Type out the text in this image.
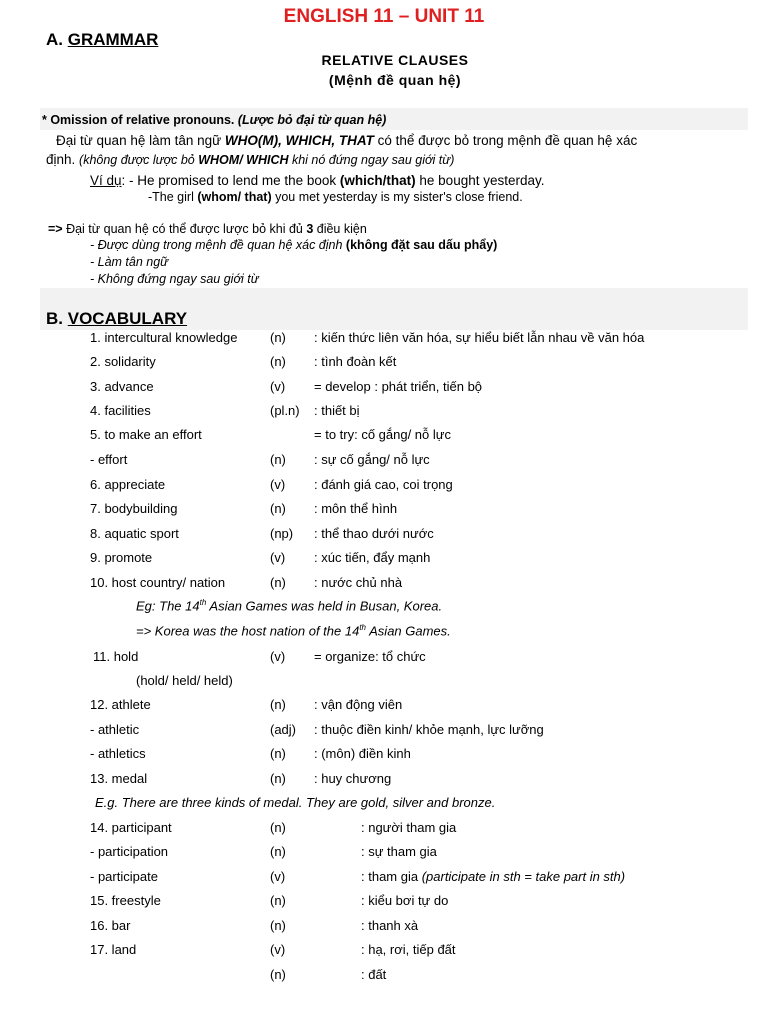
ENGLISH 11 – UNIT 11
A. GRAMMAR
RELATIVE CLAUSES
(Mệnh đề quan hệ)
* Omission of relative pronouns. (Lược bỏ đại từ quan hệ)
Đại từ quan hệ làm tân ngữ WHO(M), WHICH, THAT có thể được bỏ trong mệnh đề quan hệ xác
định. (không được lược bỏ WHOM/ WHICH khi nó đứng ngay sau giới từ)
Ví dụ: - He promised to lend me the book (which/that) he bought yesterday.
-The girl (whom/ that) you met yesterday is my sister's close friend.
=> Đại từ quan hệ có thể được lược bỏ khi đủ 3 điều kiện
- Được dùng trong mệnh đề quan hệ xác định (không đặt sau dấu phẩy)
- Làm tân ngữ
- Không đứng ngay sau giới từ
B. VOCABULARY
1. intercultural knowledge	(n) : kiến thức liên văn hóa, sự hiểu biết lẫn nhau về văn hóa
2. solidarity	(n) : tình đoàn kết
3. advance	(v) = develop : phát triển, tiến bộ
4. facilities	(pl.n) : thiết bị
5. to make an effort	= to try: cố gắng/ nỗ lực
- effort	(n) : sự cố gắng/ nỗ lực
6. appreciate	(v) : đánh giá cao, coi trọng
7. bodybuilding	(n) : môn thể hình
8. aquatic sport	(np) : thể thao dưới nước
9. promote	(v) : xúc tiến, đẩy mạnh
10. host country/ nation	(n) : nước chủ nhà
Eg: The 14th Asian Games was held in Busan, Korea.
=> Korea was the host nation of the 14th Asian Games.
11. hold	(v) = organize: tổ chức
(hold/ held/ held)
12. athlete	(n) : vận động viên
- athletic	(adj) : thuộc điền kinh/ khỏe mạnh, lực lưỡng
- athletics	(n) : (môn) điền kinh
13. medal	(n) : huy chương
E.g. There are three kinds of medal. They are gold, silver and bronze.
14. participant	(n)	: người tham gia
- participation	(n)	: sự tham gia
- participate	(v)	: tham gia (participate in sth = take part in sth)
15. freestyle	(n)	: kiểu bơi tự do
16. bar	(n)	: thanh xà
17. land	(v)	: hạ, rơi, tiếp đất
(n)	: đất
